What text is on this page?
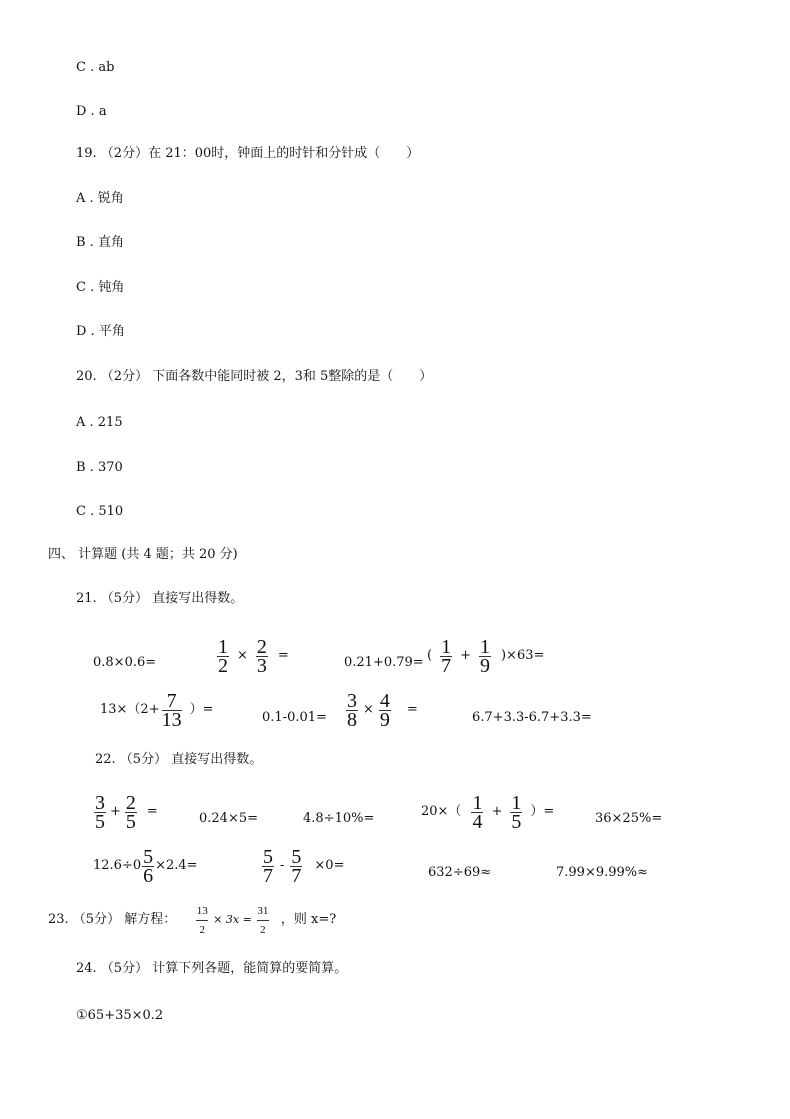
C . ab
D . a
19. （2分）在 21：00时，钟面上的时针和分针成（　　）
A . 锐角
B . 直角
C . 钝角
D . 平角
20. （2分） 下面各数中能同时被 2，3和 5整除的是（　　）
A . 215
B . 370
C . 510
四、 计算题 (共 4 题；共 20 分)
21. （5分） 直接写出得数。
0.8×0.6=
1
2 × 2
3 =	0.21+0.79= ( 1
7 + 1
9 )×63=
13×（2+ 7
13 ）=
0.1-0.01=
3
8 × 4
9 =
6.7+3.3-6.7+3.3=
22. （5分） 直接写出得数。
3
5 + 2
5 =	0.24×5=	4.8÷10%=	20×（ 1
4 + 1
5 ）=	36×25%=
12.6÷0 5
6 ×2.4=	5
7 - 5
7 ×0=	632÷69≈	7.99×9.99%≈
23. （5分） 解方程：
13
2
× 3x =
31
2
，则 x=?
24. （5分） 计算下列各题，能简算的要简算。
①65+35×0.2
